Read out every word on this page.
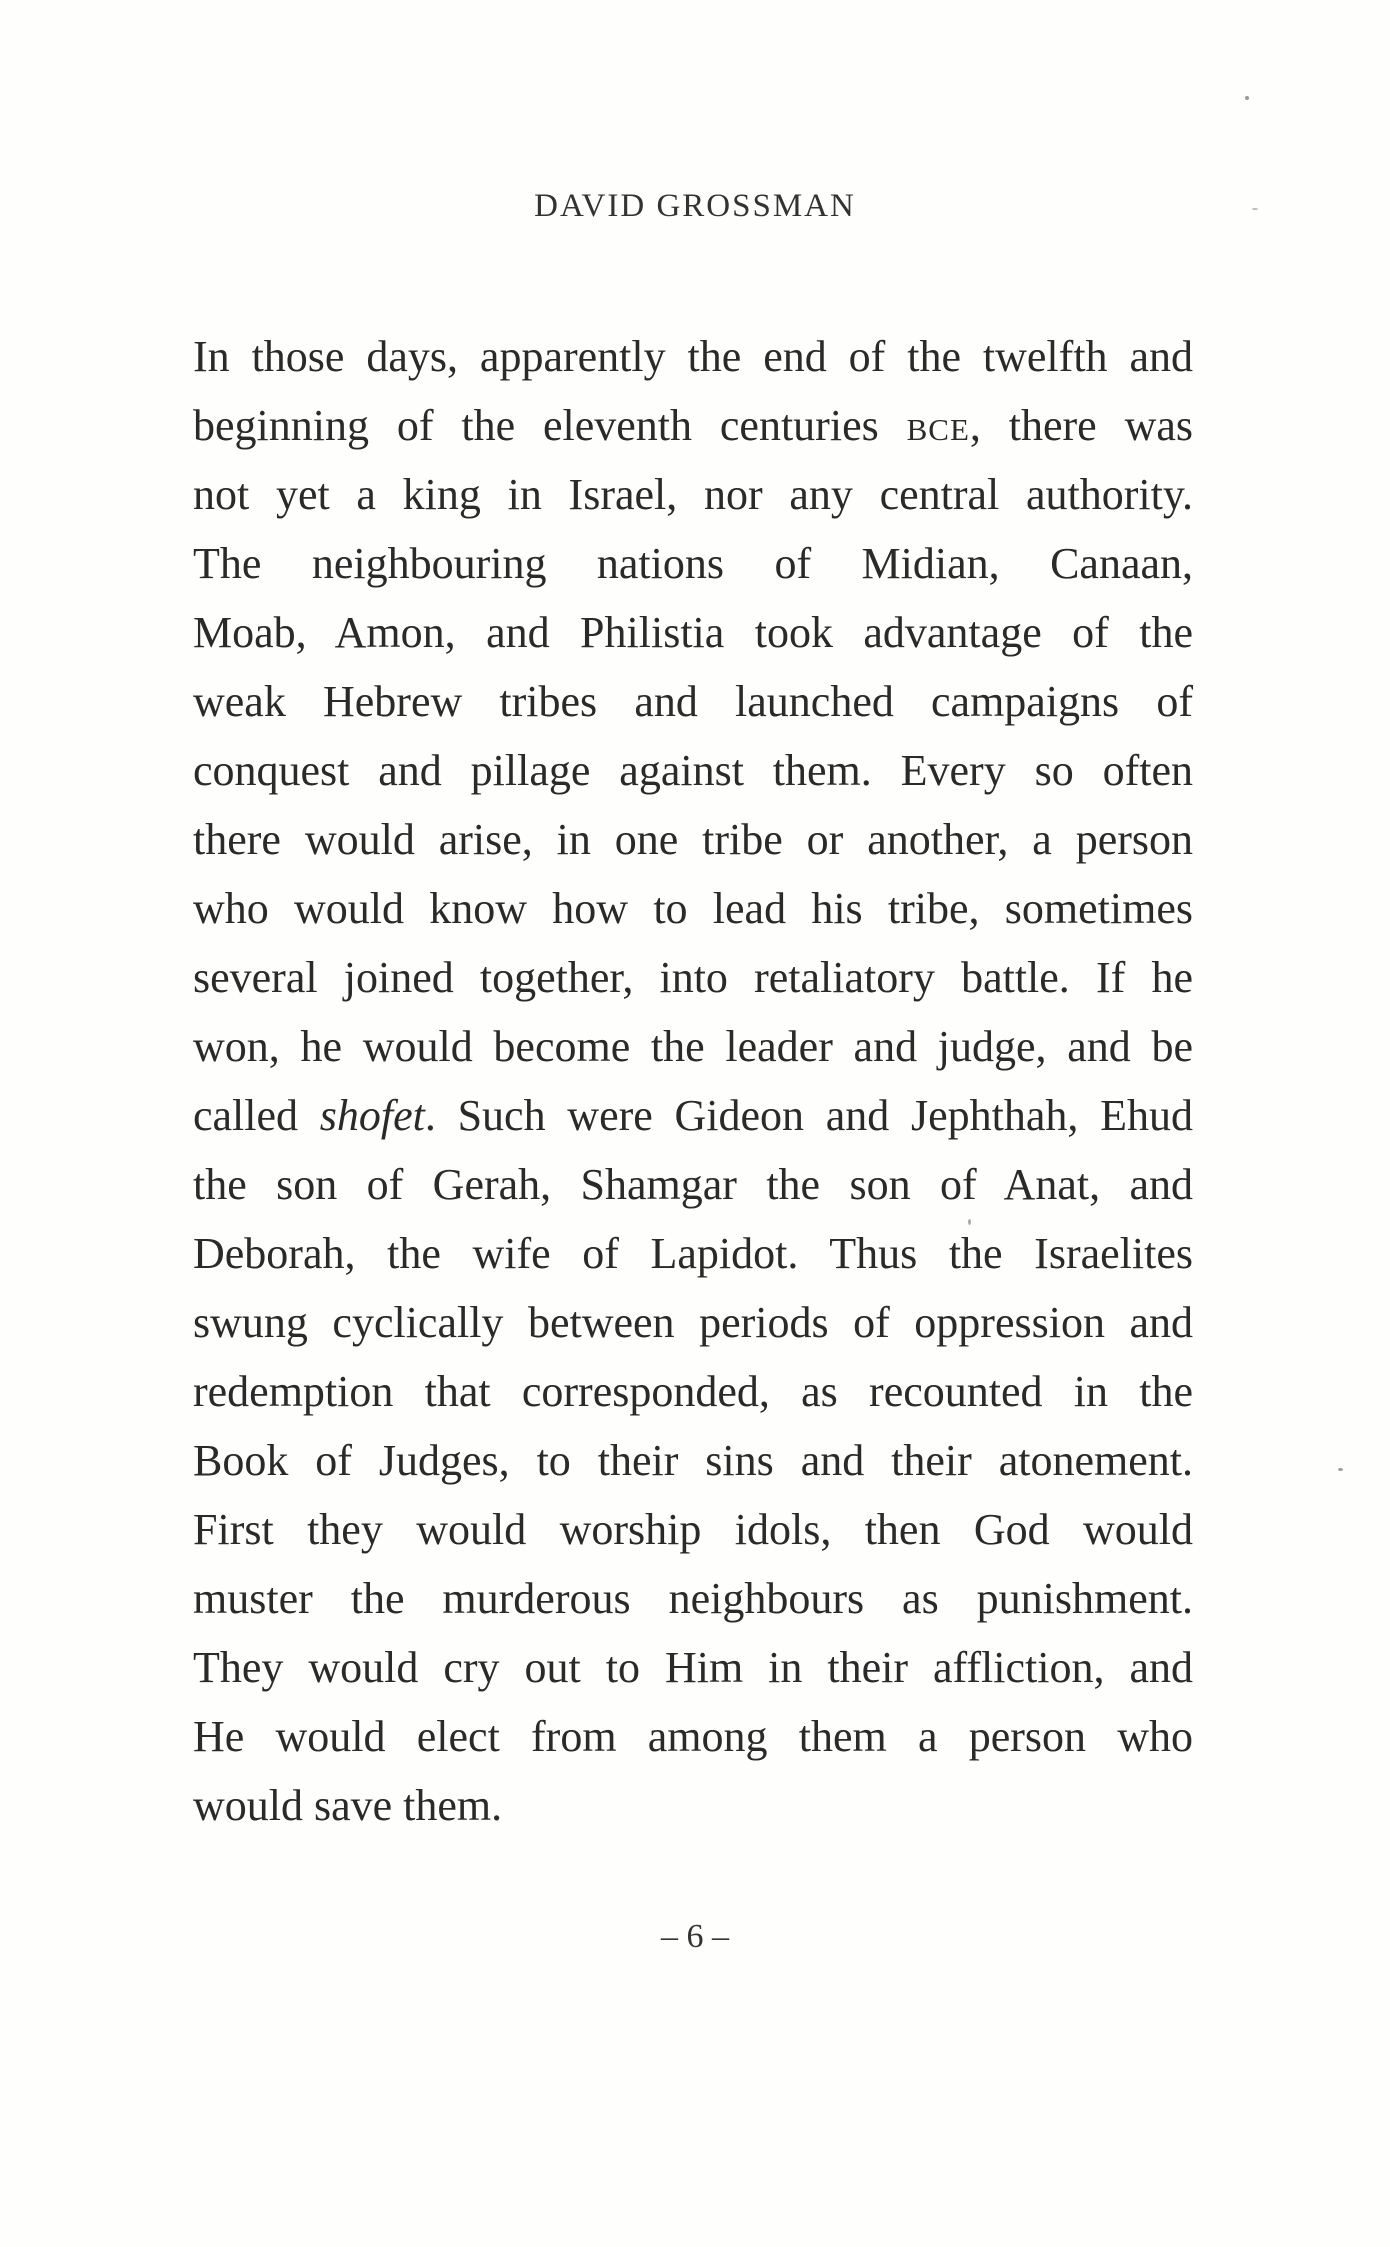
DAVID GROSSMAN
In those days, apparently the end of the twelfth and
beginning of the eleventh centuries bce, there was
not yet a king in Israel, nor any central authority.
The neighbouring nations of Midian, Canaan,
Moab, Amon, and Philistia took advantage of the
weak Hebrew tribes and launched campaigns of
conquest and pillage against them. Every so often
there would arise, in one tribe or another, a person
who would know how to lead his tribe, sometimes
several joined together, into retaliatory battle. If he
won, he would become the leader and judge, and be
called shofet. Such were Gideon and Jephthah, Ehud
the son of Gerah, Shamgar the son of Anat, and
Deborah, the wife of Lapidot. Thus the Israelites
swung cyclically between periods of oppression and
redemption that corresponded, as recounted in the
Book of Judges, to their sins and their atonement.
First they would worship idols, then God would
muster the murderous neighbours as punishment.
They would cry out to Him in their affliction, and
He would elect from among them a person who
would save them.
– 6 –
